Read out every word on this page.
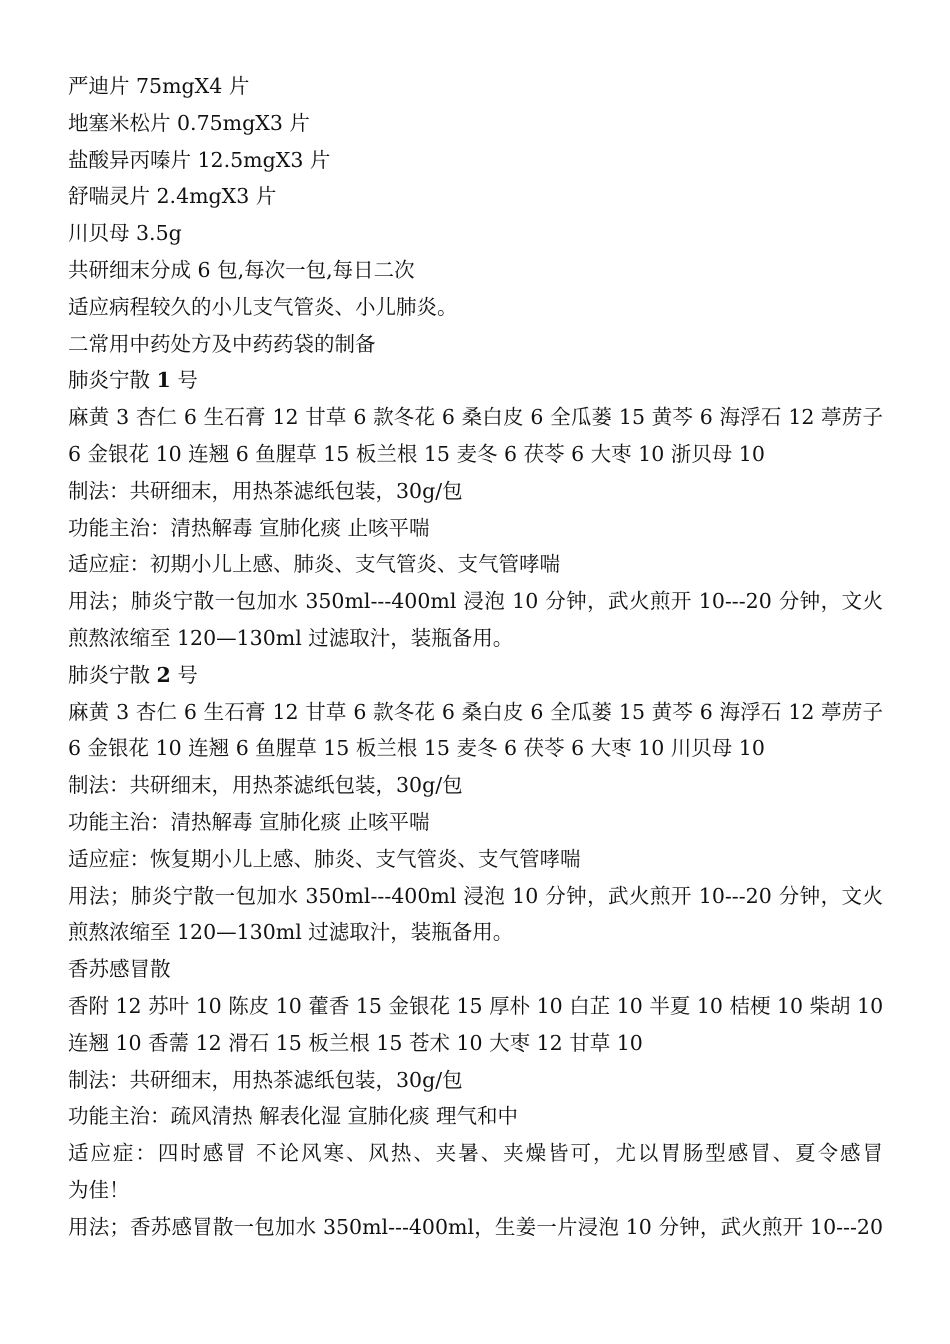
严迪片 75mgX4 片
地塞米松片 0.75mgX3 片
盐酸异丙嗪片 12.5mgX3 片
舒喘灵片 2.4mgX3 片
川贝母 3.5g
共研细末分成 6 包,每次一包,每日二次
适应病程较久的小儿支气管炎、小儿肺炎。
二常用中药处方及中药药袋的制备
肺炎宁散 1 号
麻黄 3 杏仁 6 生石膏 12 甘草 6 款冬花 6 桑白皮 6 全瓜蒌 15 黄芩 6 海浮石 12 葶苈子
6 金银花 10 连翘 6 鱼腥草 15 板兰根 15 麦冬 6 茯苓 6 大枣 10 浙贝母 10
制法：共研细末，用热茶滤纸包装，30g/包
功能主治：清热解毒 宣肺化痰 止咳平喘
适应症：初期小儿上感、肺炎、支气管炎、支气管哮喘
用法；肺炎宁散一包加水 350ml---400ml 浸泡 10 分钟，武火煎开 10---20 分钟，文火
煎熬浓缩至 120—130ml 过滤取汁，装瓶备用。
肺炎宁散 2 号
麻黄 3 杏仁 6 生石膏 12 甘草 6 款冬花 6 桑白皮 6 全瓜蒌 15 黄芩 6 海浮石 12 葶苈子
6 金银花 10 连翘 6 鱼腥草 15 板兰根 15 麦冬 6 茯苓 6 大枣 10 川贝母 10
制法：共研细末，用热茶滤纸包装，30g/包
功能主治：清热解毒 宣肺化痰 止咳平喘
适应症：恢复期小儿上感、肺炎、支气管炎、支气管哮喘
用法；肺炎宁散一包加水 350ml---400ml 浸泡 10 分钟，武火煎开 10---20 分钟，文火
煎熬浓缩至 120—130ml 过滤取汁，装瓶备用。
香苏感冒散
香附 12 苏叶 10 陈皮 10 藿香 15 金银花 15 厚朴 10 白芷 10 半夏 10 桔梗 10 柴胡 10
连翘 10 香薷 12 滑石 15 板兰根 15 苍术 10 大枣 12 甘草 10
制法：共研细末，用热茶滤纸包装，30g/包
功能主治：疏风清热 解表化湿 宣肺化痰 理气和中
适应症：四时感冒 不论风寒、风热、夹暑、夹燥皆可，尤以胃肠型感冒、夏令感冒
为佳！
用法；香苏感冒散一包加水 350ml---400ml，生姜一片浸泡 10 分钟，武火煎开 10---20
